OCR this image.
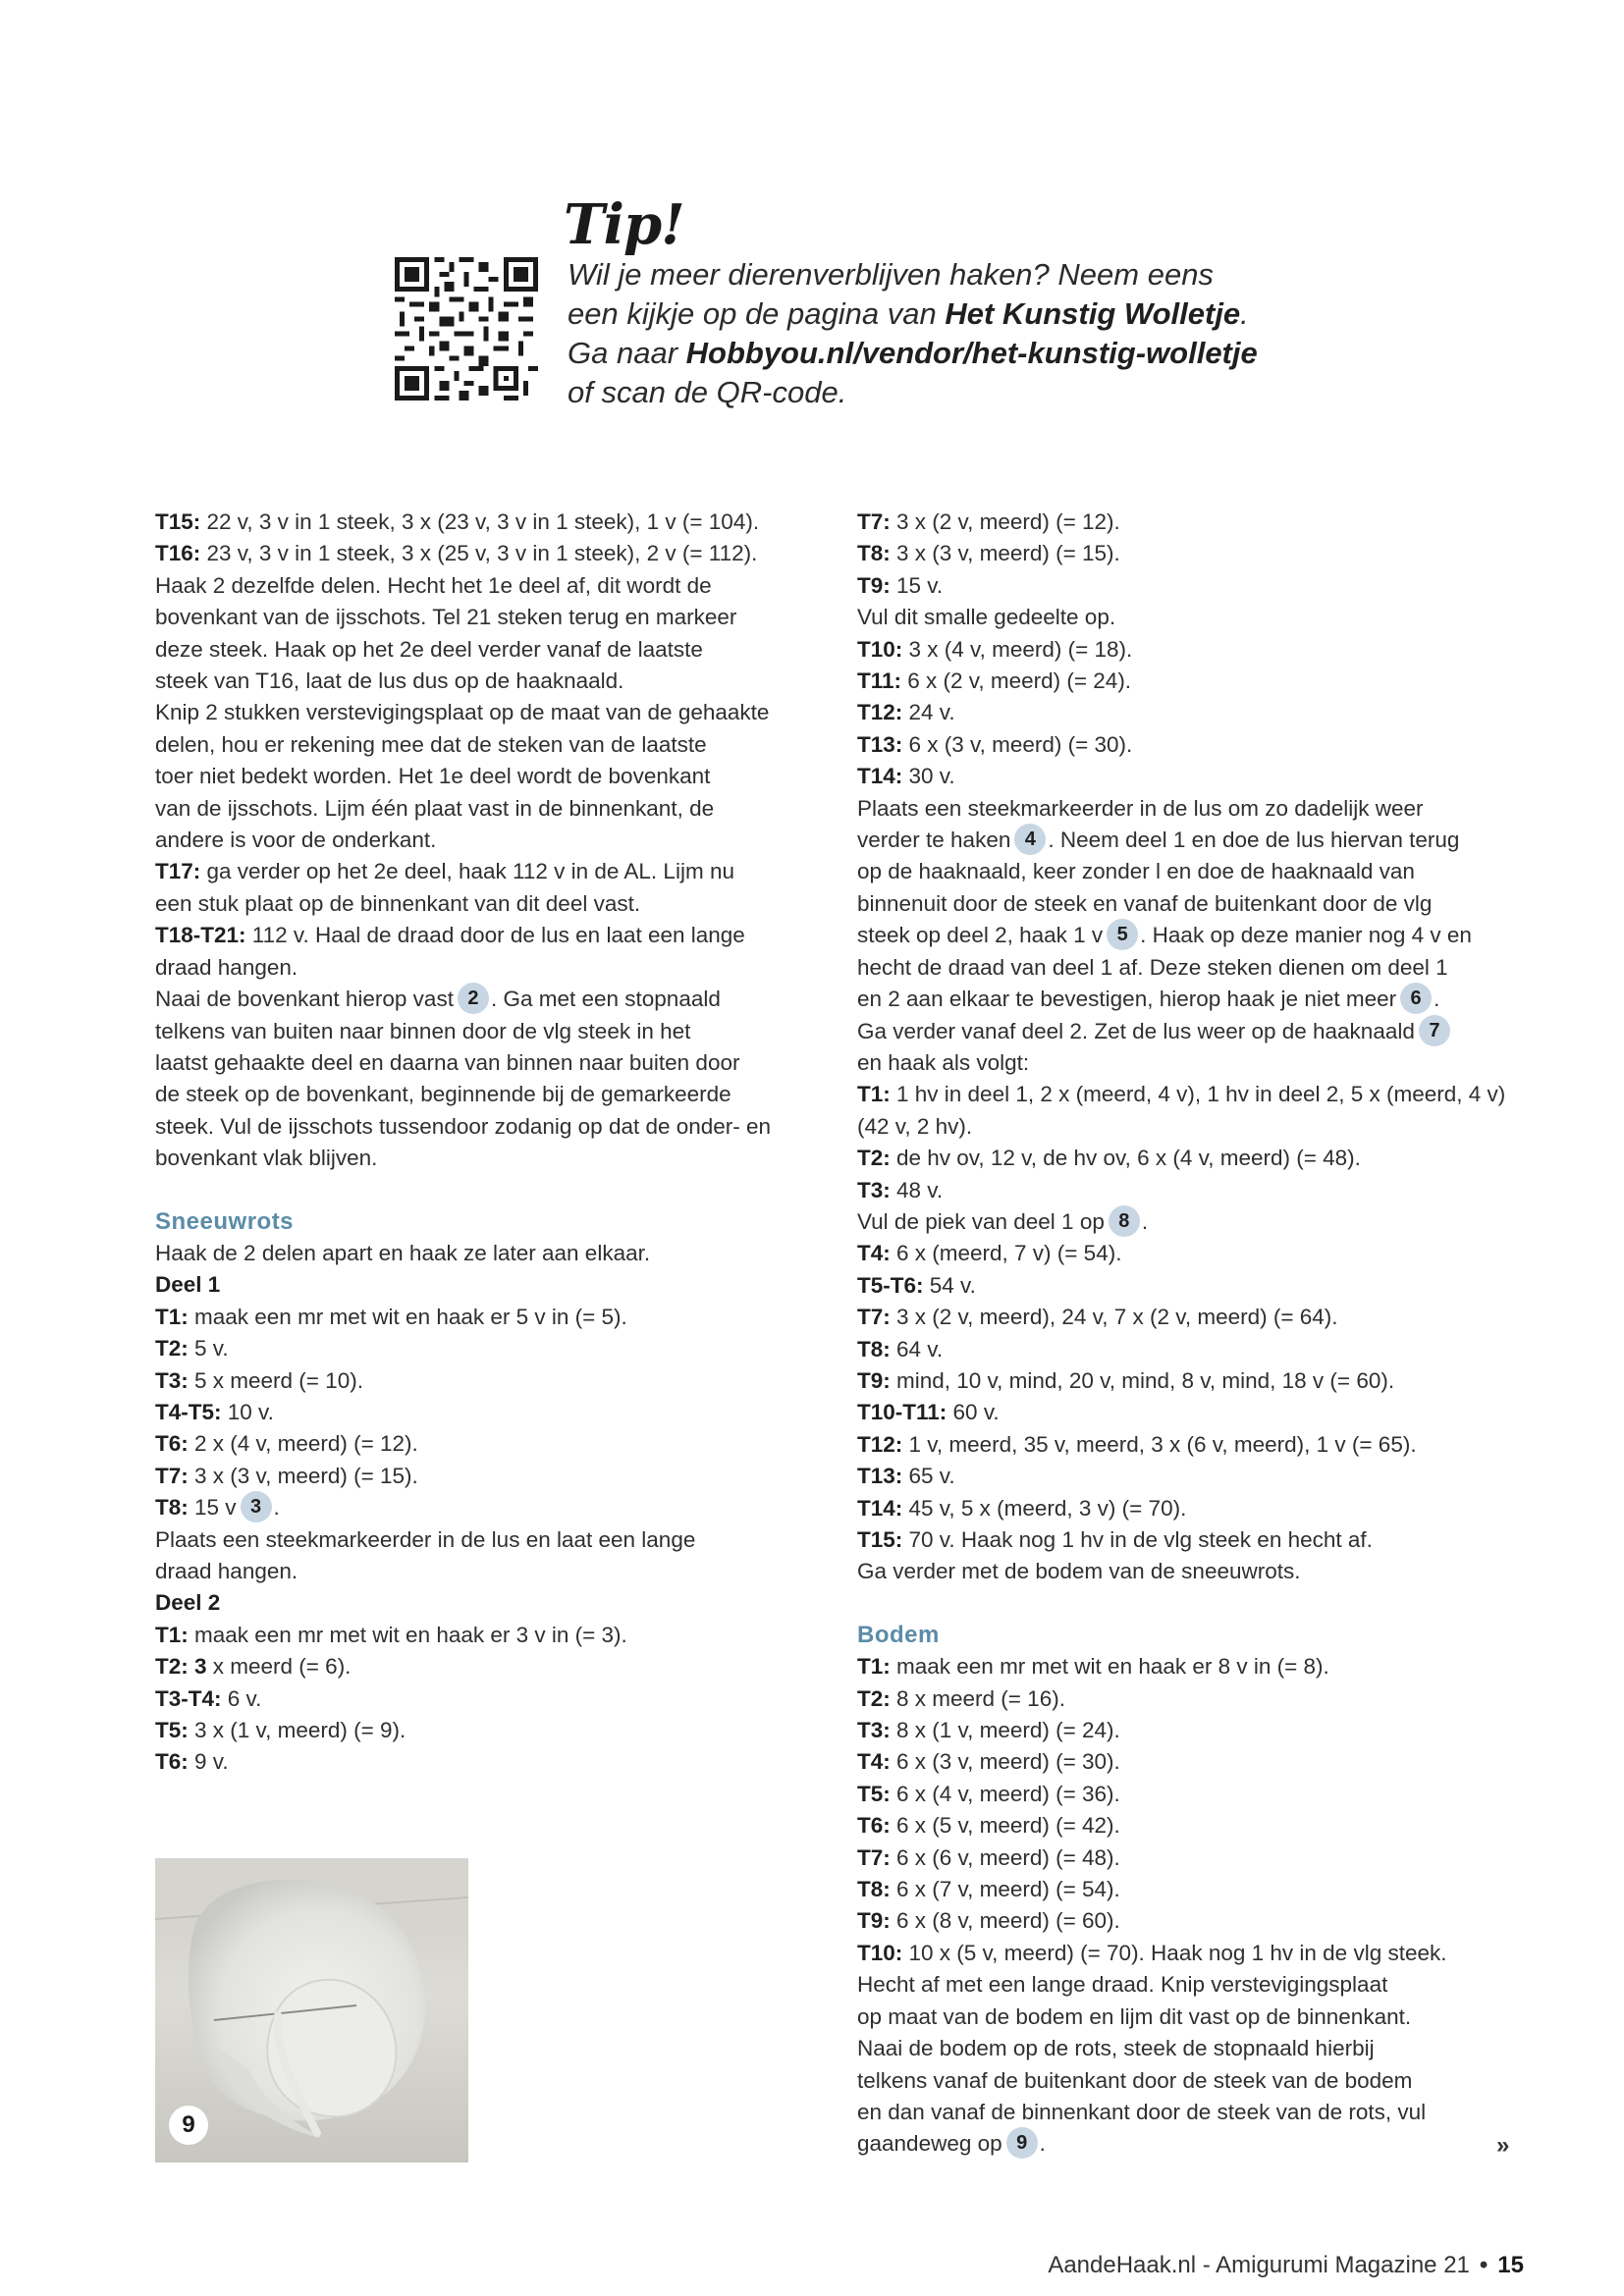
Tip!
Wil je meer dierenverblijven haken? Neem eens
een kijkje op de pagina van Het Kunstig Wolletje.
Ga naar Hobbyou.nl/vendor/het-kunstig-wolletje
of scan de QR-code.
T15: 22 v, 3 v in 1 steek, 3 x (23 v, 3 v in 1 steek), 1 v (= 104).
T16: 23 v, 3 v in 1 steek, 3 x (25 v, 3 v in 1 steek), 2 v (= 112).
Haak 2 dezelfde delen. Hecht het 1e deel af, dit wordt de
bovenkant van de ijsschots. Tel 21 steken terug en markeer
deze steek. Haak op het 2e deel verder vanaf de laatste
steek van T16, laat de lus dus op de haaknaald.
Knip 2 stukken verstevigingsplaat op de maat van de gehaakte
delen, hou er rekening mee dat de steken van de laatste
toer niet bedekt worden. Het 1e deel wordt de bovenkant
van de ijsschots. Lijm één plaat vast in de binnenkant, de
andere is voor de onderkant.
T17: ga verder op het 2e deel, haak 112 v in de AL. Lijm nu
een stuk plaat op de binnenkant van dit deel vast.
T18-T21: 112 v. Haal de draad door de lus en laat een lange
draad hangen.
Naai de bovenkant hierop vast 2 . Ga met een stopnaald
telkens van buiten naar binnen door de vlg steek in het
laatst gehaakte deel en daarna van binnen naar buiten door
de steek op de bovenkant, beginnende bij de gemarkeerde
steek. Vul de ijsschots tussendoor zodanig op dat de onder- en
bovenkant vlak blijven.
Sneeuwrots
Haak de 2 delen apart en haak ze later aan elkaar.
Deel 1
T1: maak een mr met wit en haak er 5 v in (= 5).
T2: 5 v.
T3: 5 x meerd (= 10).
T4-T5: 10 v.
T6: 2 x (4 v, meerd) (= 12).
T7: 3 x (3 v, meerd) (= 15).
T8: 15 v 3 .
Plaats een steekmarkeerder in de lus en laat een lange
draad hangen.
Deel 2
T1: maak een mr met wit en haak er 3 v in (= 3).
T2: 3 x meerd (= 6).
T3-T4: 6 v.
T5: 3 x (1 v, meerd) (= 9).
T6: 9 v.
T7: 3 x (2 v, meerd) (= 12).
T8: 3 x (3 v, meerd) (= 15).
T9: 15 v.
Vul dit smalle gedeelte op.
T10: 3 x (4 v, meerd) (= 18).
T11: 6 x (2 v, meerd) (= 24).
T12: 24 v.
T13: 6 x (3 v, meerd) (= 30).
T14: 30 v.
Plaats een steekmarkeerder in de lus om zo dadelijk weer
verder te haken 4 . Neem deel 1 en doe de lus hiervan terug
op de haaknaald, keer zonder l en doe de haaknaald van
binnenuit door de steek en vanaf de buitenkant door de vlg
steek op deel 2, haak 1 v 5 . Haak op deze manier nog 4 v en
hecht de draad van deel 1 af. Deze steken dienen om deel 1
en 2 aan elkaar te bevestigen, hierop haak je niet meer 6 .
Ga verder vanaf deel 2. Zet de lus weer op de haaknaald 7
en haak als volgt:
T1: 1 hv in deel 1, 2 x (meerd, 4 v), 1 hv in deel 2, 5 x (meerd, 4 v)
(42 v, 2 hv).
T2: de hv ov, 12 v, de hv ov, 6 x (4 v, meerd) (= 48).
T3: 48 v.
Vul de piek van deel 1 op 8 .
T4: 6 x (meerd, 7 v) (= 54).
T5-T6: 54 v.
T7: 3 x (2 v, meerd), 24 v, 7 x (2 v, meerd) (= 64).
T8: 64 v.
T9: mind, 10 v, mind, 20 v, mind, 8 v, mind, 18 v (= 60).
T10-T11: 60 v.
T12: 1 v, meerd, 35 v, meerd, 3 x (6 v, meerd), 1 v (= 65).
T13: 65 v.
T14: 45 v, 5 x (meerd, 3 v) (= 70).
T15: 70 v. Haak nog 1 hv in de vlg steek en hecht af.
Ga verder met de bodem van de sneeuwrots.
Bodem
T1: maak een mr met wit en haak er 8 v in (= 8).
T2: 8 x meerd (= 16).
T3: 8 x (1 v, meerd) (= 24).
T4: 6 x (3 v, meerd) (= 30).
T5: 6 x (4 v, meerd) (= 36).
T6: 6 x (5 v, meerd) (= 42).
T7: 6 x (6 v, meerd) (= 48).
T8: 6 x (7 v, meerd) (= 54).
T9: 6 x (8 v, meerd) (= 60).
T10: 10 x (5 v, meerd) (= 70). Haak nog 1 hv in de vlg steek.
Hecht af met een lange draad. Knip verstevigingsplaat
op maat van de bodem en lijm dit vast op de binnenkant.
Naai de bodem op de rots, steek de stopnaald hierbij
telkens vanaf de buitenkant door de steek van de bodem
en dan vanaf de binnenkant door de steek van de rots, vul
gaandeweg op 9 .
9
»
AandeHaak.nl - Amigurumi Magazine 21 • 15
